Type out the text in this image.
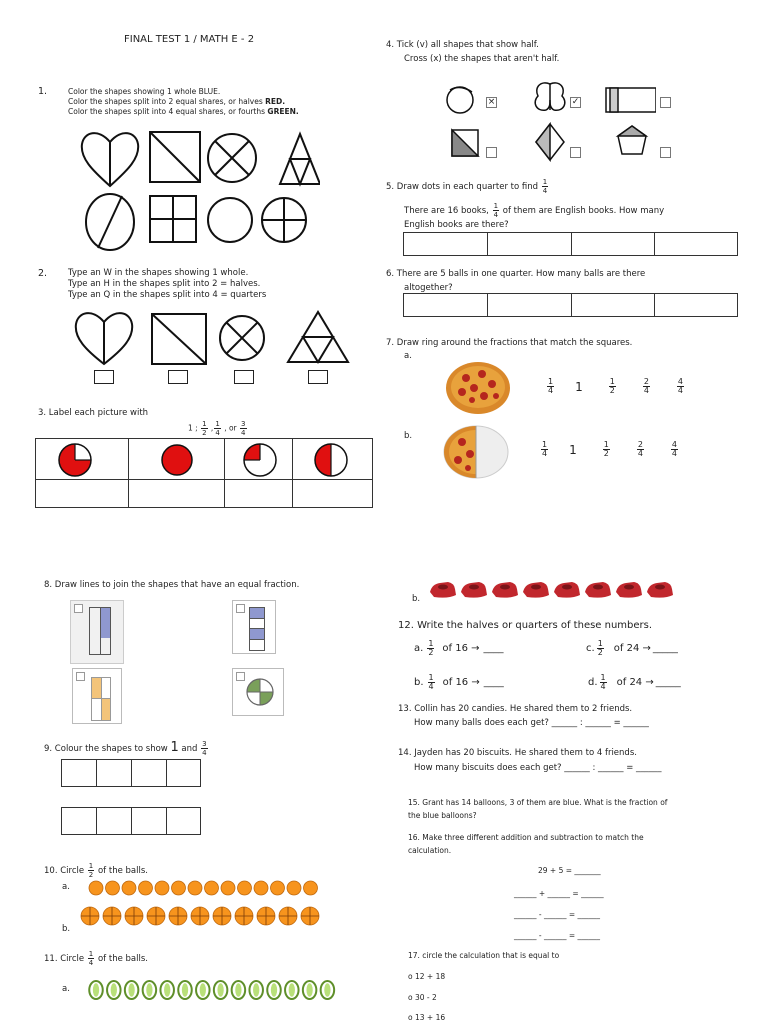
FINAL TEST 1 / MATH E - 2
1.	Color the shapes showing 1 whole BLUE.
Color the shapes split into 2 equal shares, or halves RED.
Color the shapes split into 4 equal shares, or fourths GREEN.
2. Type an W in the shapes showing 1 whole.
Type an H in the shapes split into 2 = halves.
Type an Q in the shapes split into 4 = quarters
3. Label each picture with
1 ; $\frac{1}{2}$ , $\frac{1}{4}$ , or $\frac{3}{4}$
4. Tick (v) all shapes that show half.
Cross (x) the shapes that aren't half.
×	✓
5. Draw dots in each quarter to find $\frac{1}{4}$
There are 16 books, $\frac{1}{4}$ of them are English books. How many
English books are there?
6. There are 5 balls in one quarter. How many balls are there
altogether?
7. Draw ring around the fractions that match the squares.
a.
$\frac{1}{4} 1$	$\frac{1}{2}$	$\frac{2}{4}$	$\frac{4}{4}$
b.
$\frac{1}{4} 1$	$\frac{1}{2}$	$\frac{2}{4}$	$\frac{4}{4}$
8. Draw lines to join the shapes that have an equal fraction.
9. Colour the shapes to show 1 and $\frac{3}{4}$
10. Circle $\frac{1}{2}$ of the balls.
a.
b.
11. Circle $\frac{1}{4}$ of the balls.
a.
b.
12. Write the halves or quarters of these numbers.
a. $\frac{1}{2}$ of 16 → ____	c. $\frac{1}{2}$ of 24 → _____
b. $\frac{1}{4}$ of 16 → ____	d. $\frac{1}{4}$ of 24 → _____
13. Collin has 20 candies. He shared them to 2 friends.
How many balls does each get? ______ : ______ = ______
14. Jayden has 20 biscuits. He shared them to 4 friends.
How many biscuits does each get? ______ : ______ = ______
15. Grant has 14 balloons, 3 of them are blue. What is the fraction of
the blue balloons?
16. Make three different addition and subtraction to match the
calculation.
29 + 5 = _______
______ + ______ = ______
______ - ______ = ______
______ - ______ = ______
17. circle the calculation that is equal to
o 12 + 18
o 30 - 2
o 13 + 16
